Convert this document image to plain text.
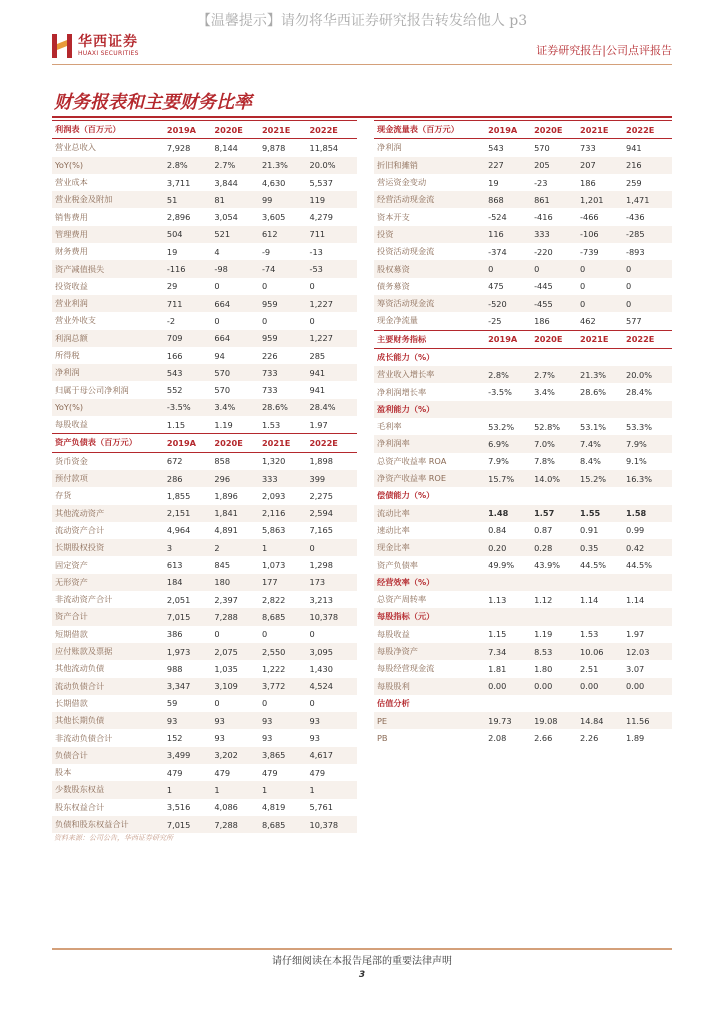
【温馨提示】请勿将华西证券研究报告转发给他人 p3
华西证券
HUAXI SECURITIES	证券研究报告|公司点评报告
财务报表和主要财务比率
利润表（百万元）	2019A	2020E	2021E	2022E
营业总收入	7,928	8,144	9,878	11,854
YoY(%)	2.8%	2.7%	21.3%	20.0%
营业成本	3,711	3,844	4,630	5,537
营业税金及附加	51	81	99	119
销售费用	2,896	3,054	3,605	4,279
管理费用	504	521	612	711
财务费用	19	4	-9	-13
资产减值损失	-116	-98	-74	-53
投资收益	29	0	0	0
营业利润	711	664	959	1,227
营业外收支	-2	0	0	0
利润总额	709	664	959	1,227
所得税	166	94	226	285
净利润	543	570	733	941
归属于母公司净利润	552	570	733	941
YoY(%)	-3.5%	3.4%	28.6%	28.4%
每股收益	1.15	1.19	1.53	1.97
资产负债表（百万元）	2019A	2020E	2021E	2022E
货币资金	672	858	1,320	1,898
预付款项	286	296	333	399
存货	1,855	1,896	2,093	2,275
其他流动资产	2,151	1,841	2,116	2,594
流动资产合计	4,964	4,891	5,863	7,165
长期股权投资	3	2	1	0
固定资产	613	845	1,073	1,298
无形资产	184	180	177	173
非流动资产合计	2,051	2,397	2,822	3,213
资产合计	7,015	7,288	8,685	10,378
短期借款	386	0	0	0
应付账款及票据	1,973	2,075	2,550	3,095
其他流动负债	988	1,035	1,222	1,430
流动负债合计	3,347	3,109	3,772	4,524
长期借款	59	0	0	0
其他长期负债	93	93	93	93
非流动负债合计	152	93	93	93
负债合计	3,499	3,202	3,865	4,617
股本	479	479	479	479
少数股东权益	1	1	1	1
股东权益合计	3,516	4,086	4,819	5,761
负债和股东权益合计	7,015	7,288	8,685	10,378
现金流量表（百万元）	2019A	2020E	2021E	2022E
净利润	543	570	733	941
折旧和摊销	227	205	207	216
营运资金变动	19	-23	186	259
经营活动现金流	868	861	1,201	1,471
资本开支	-524	-416	-466	-436
投资	116	333	-106	-285
投资活动现金流	-374	-220	-739	-893
股权募资	0	0	0	0
债务募资	475	-445	0	0
筹资活动现金流	-520	-455	0	0
现金净流量	-25	186	462	577
主要财务指标	2019A	2020E	2021E	2022E
成长能力（%）
营业收入增长率	2.8%	2.7%	21.3%	20.0%
净利润增长率	-3.5%	3.4%	28.6%	28.4%
盈利能力（%）
毛利率	53.2%	52.8%	53.1%	53.3%
净利润率	6.9%	7.0%	7.4%	7.9%
总资产收益率 ROA	7.9%	7.8%	8.4%	9.1%
净资产收益率 ROE	15.7%	14.0%	15.2%	16.3%
偿债能力（%）
流动比率	1.48	1.57	1.55	1.58
速动比率	0.84	0.87	0.91	0.99
现金比率	0.20	0.28	0.35	0.42
资产负债率	49.9%	43.9%	44.5%	44.5%
经营效率（%）
总资产周转率	1.13	1.12	1.14	1.14
每股指标（元）
每股收益	1.15	1.19	1.53	1.97
每股净资产	7.34	8.53	10.06	12.03
每股经营现金流	1.81	1.80	2.51	3.07
每股股利	0.00	0.00	0.00	0.00
估值分析
PE	19.73	19.08	14.84	11.56
PB	2.08	2.66	2.26	1.89
资料来源：公司公告，华西证券研究所
请仔细阅读在本报告尾部的重要法律声明
3
